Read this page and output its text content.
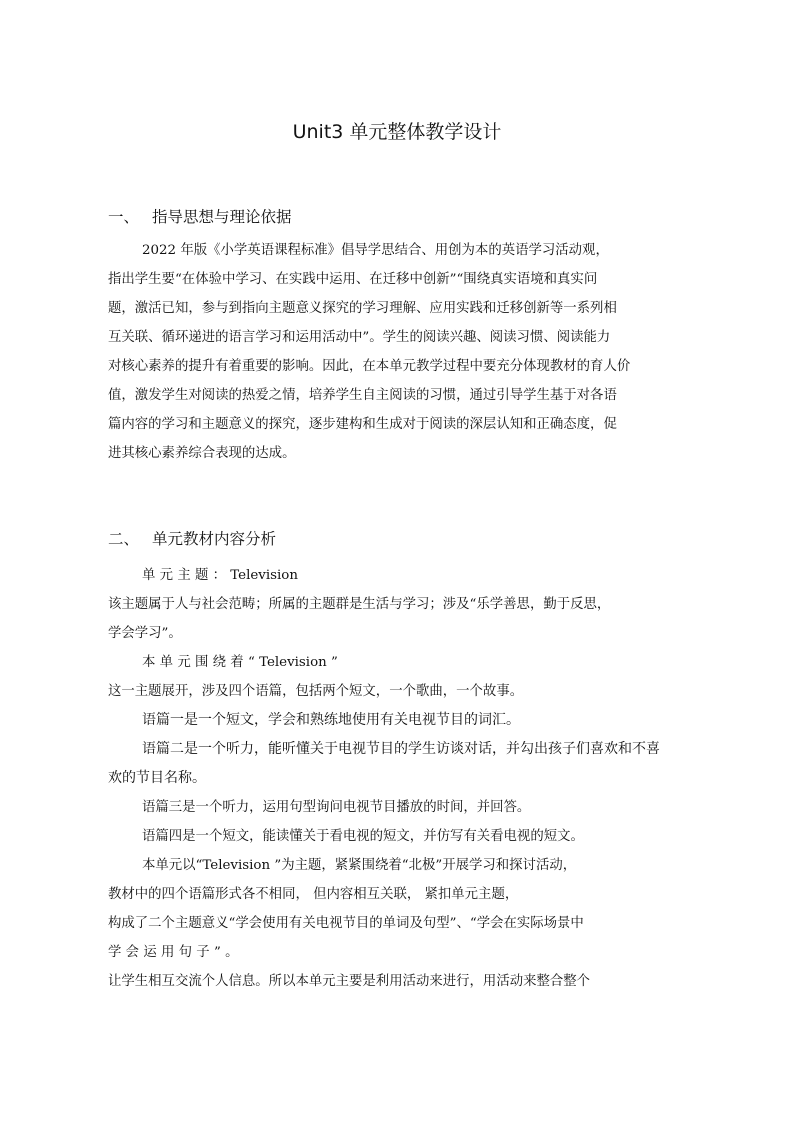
Unit3 单元整体教学设计
一、 指导思想与理论依据
2022 年版《小学英语课程标准》倡导学思结合、用创为本的英语学习活动观，
指出学生要“在体验中学习、在实践中运用、在迁移中创新”“围绕真实语境和真实问
题，激活已知，参与到指向主题意义探究的学习理解、应用实践和迁移创新等一系列相
互关联、循环递进的语言学习和运用活动中”。学生的阅读兴趣、阅读习惯、阅读能力
对核心素养的提升有着重要的影响。因此，在本单元教学过程中要充分体现教材的育人价
值，激发学生对阅读的热爱之情，培养学生自主阅读的习惯，通过引导学生基于对各语
篇内容的学习和主题意义的探究，逐步建构和生成对于阅读的深层认知和正确态度，促
进其核心素养综合表现的达成。
二、 单元教材内容分析
单 元 主 题 ： Television
该主题属于人与社会范畴；所属的主题群是生活与学习；涉及“乐学善思，勤于反思，
学会学习”。
本 单 元 围 绕 着 “ Television ”
这一主题展开，涉及四个语篇，包括两个短文，一个歌曲，一个故事。
语篇一是一个短文，学会和熟练地使用有关电视节目的词汇。
语篇二是一个听力，能听懂关于电视节目的学生访谈对话，并勾出孩子们喜欢和不喜
欢的节目名称。
语篇三是一个听力，运用句型询问电视节目播放的时间，并回答。
语篇四是一个短文，能读懂关于看电视的短文，并仿写有关看电视的短文。
本单元以“Television ”为主题，紧紧围绕着“北极”开展学习和探讨活动，
教材中的四个语篇形式各不相同， 但内容相互关联， 紧扣单元主题，
构成了二个主题意义“学会使用有关电视节目的单词及句型”、“学会在实际场景中
学 会 运 用 句 子 ” 。
让学生相互交流个人信息。所以本单元主要是利用活动来进行，用活动来整合整个
